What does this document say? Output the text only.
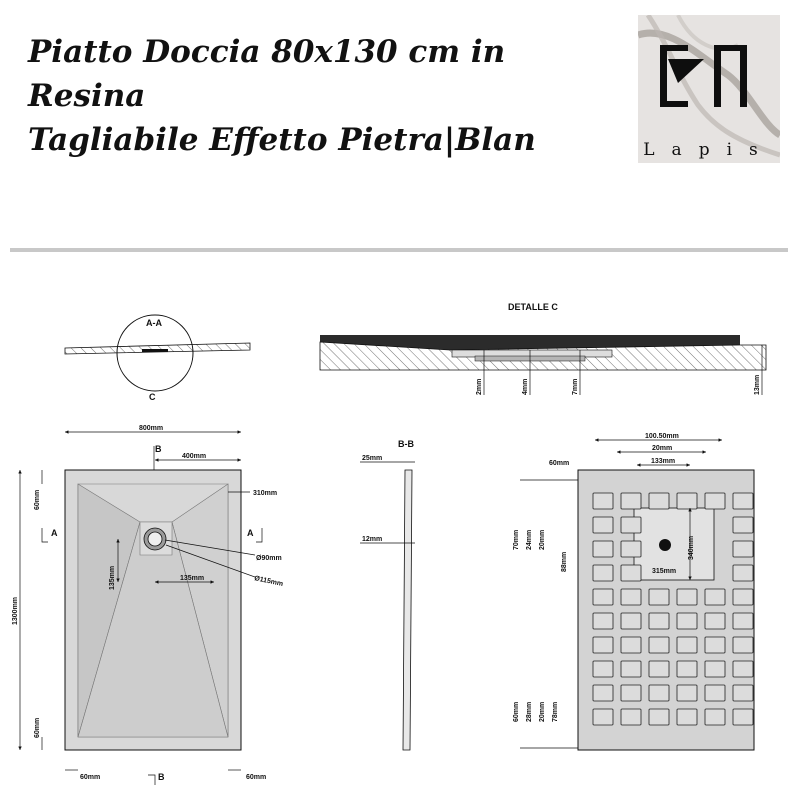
Piatto Doccia 80x130 cm in Resina
Tagliabile Effetto Pietra|Blan	Lapis
A-A
C
DETALLE C
2mm	4mm	7mm	13mm
800mm
400mm
B
310mm
Ø90mm
Ø115mm
135mm	135mm
1300mm
60mm
60mm
A	A
60mm	60mm
B
B-B
25mm
12mm
100.50mm
20mm
133mm
60mm
70mm 24mm 20mm
88mm
340mm
315mm
60mm 28mm 20mm 78mm
